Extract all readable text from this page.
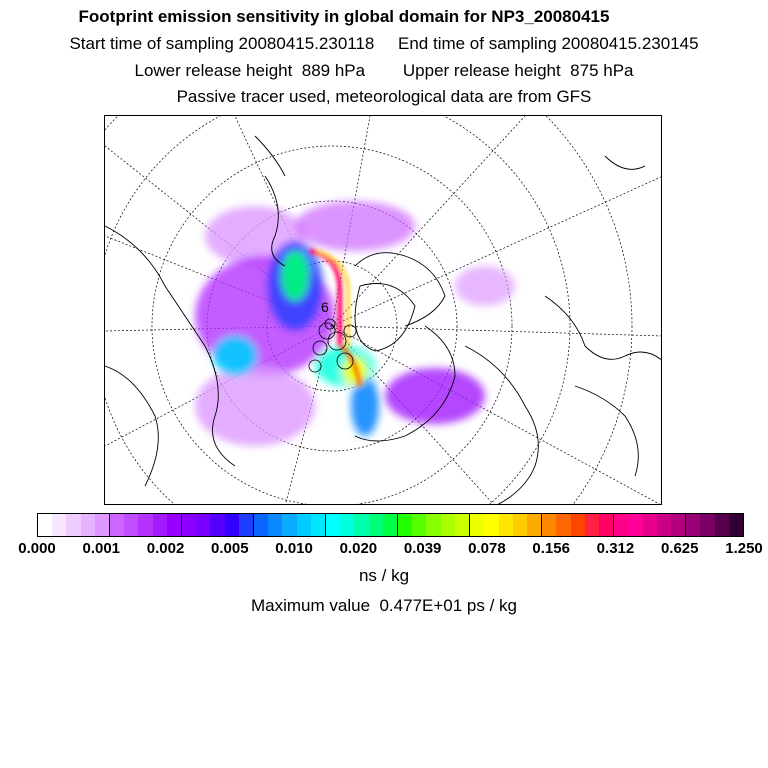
Footprint emission sensitivity in global domain for NP3_20080415
Start time of sampling 20080415.230118     End time of sampling 20080415.230145
Lower release height  889 hPa        Upper release height  875 hPa
Passive tracer used, meteorological data are from GFS
6
0.000 0.001 0.002 0.005 0.010 0.020 0.039 0.078 0.156 0.312 0.625 1.250
ns / kg
Maximum value  0.477E+01 ps / kg
